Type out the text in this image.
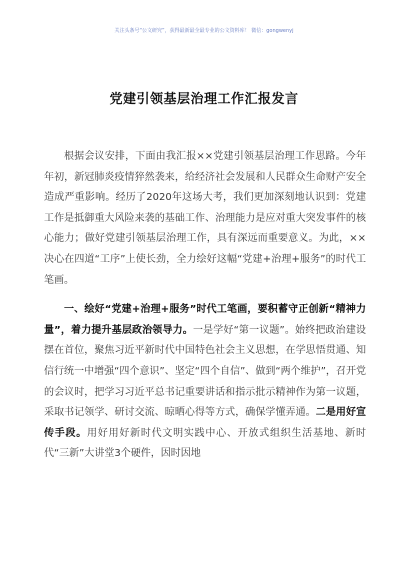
关注头条号“公文研究”，获得最新最全最专业的公文资料库！ 微信：gongwenyj
党建引领基层治理工作汇报发言

根据会议安排，下面由我汇报××党建引领基层治理工作思路。今年年初，新冠肺炎疫情猝然袭来，给经济社会发展和人民群众生命财产安全造成严重影响。经历了2020年这场大考，我们更加深刻地认识到：党建工作是抵御重大风险来袭的基础工作、治理能力是应对重大突发事件的核心能力；做好党建引领基层治理工作，具有深远而重要意义。为此，××决心在四道“工序”上使长劲，全力绘好这幅“党建+治理+服务”的时代工笔画。

一、绘好“党建+治理+服务”时代工笔画，要积蓄守正创新“精神力量”，着力提升基层政治领导力。一是学好“第一议题”。始终把政治建设摆在首位，聚焦习近平新时代中国特色社会主义思想，在学思悟贯通、知信行统一中增强“四个意识”、坚定“四个自信”、做到“两个维护”，召开党的会议时，把学习习近平总书记重要讲话和指示批示精神作为第一议题，采取书记领学、研讨交流、晾晒心得等方式，确保学懂弄通。二是用好宣传手段。用好用好新时代文明实践中心、开放式组织生活基地、新时代“三新”大讲堂3个硬件，因时因地
